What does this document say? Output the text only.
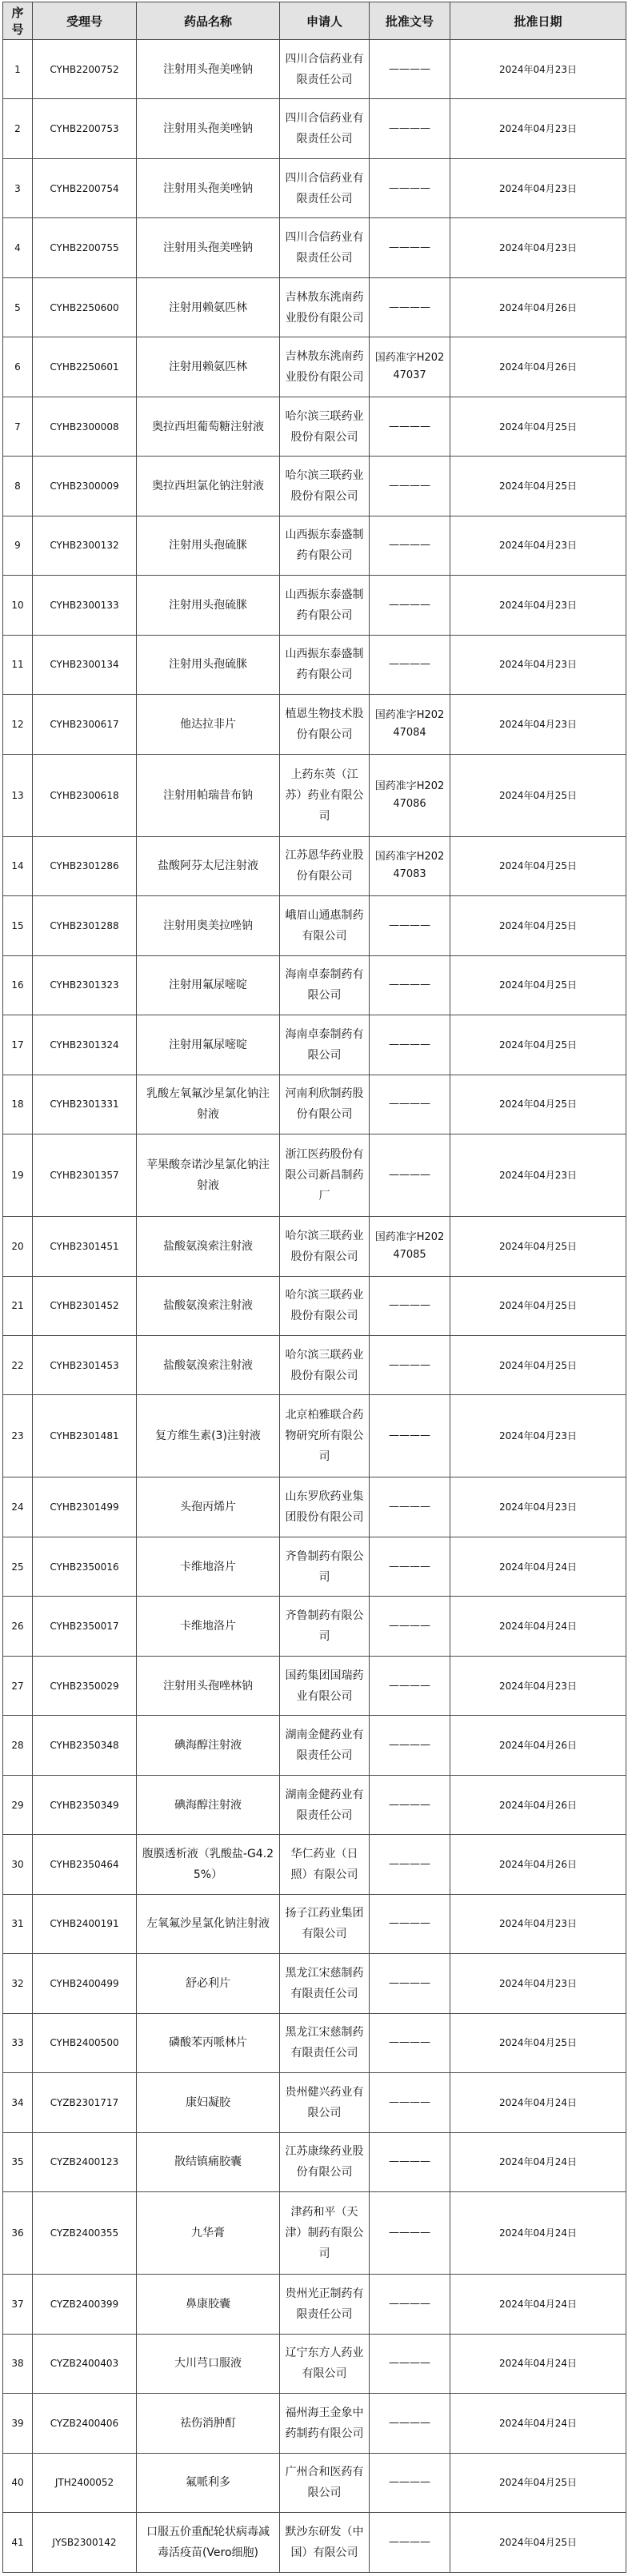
序号	受理号	药品名称	申请人	批准文号	批准日期
1	CYHB2200752	注射用头孢美唑钠	四川合信药业有限责任公司	————	2024年04月23日
2	CYHB2200753	注射用头孢美唑钠	四川合信药业有限责任公司	————	2024年04月23日
3	CYHB2200754	注射用头孢美唑钠	四川合信药业有限责任公司	————	2024年04月23日
4	CYHB2200755	注射用头孢美唑钠	四川合信药业有限责任公司	————	2024年04月23日
5	CYHB2250600	注射用赖氨匹林	吉林敖东洮南药业股份有限公司	————	2024年04月26日
6	CYHB2250601	注射用赖氨匹林	吉林敖东洮南药业股份有限公司	国药准字H20247037	2024年04月26日
7	CYHB2300008	奥拉西坦葡萄糖注射液	哈尔滨三联药业股份有限公司	————	2024年04月25日
8	CYHB2300009	奥拉西坦氯化钠注射液	哈尔滨三联药业股份有限公司	————	2024年04月25日
9	CYHB2300132	注射用头孢硫脒	山西振东泰盛制药有限公司	————	2024年04月23日
10	CYHB2300133	注射用头孢硫脒	山西振东泰盛制药有限公司	————	2024年04月23日
11	CYHB2300134	注射用头孢硫脒	山西振东泰盛制药有限公司	————	2024年04月23日
12	CYHB2300617	他达拉非片	植恩生物技术股份有限公司	国药准字H20247084	2024年04月23日
13	CYHB2300618	注射用帕瑞昔布钠	上药东英（江苏）药业有限公司	国药准字H20247086	2024年04月25日
14	CYHB2301286	盐酸阿芬太尼注射液	江苏恩华药业股份有限公司	国药准字H20247083	2024年04月25日
15	CYHB2301288	注射用奥美拉唑钠	峨眉山通惠制药有限公司	————	2024年04月25日
16	CYHB2301323	注射用氟尿嘧啶	海南卓泰制药有限公司	————	2024年04月25日
17	CYHB2301324	注射用氟尿嘧啶	海南卓泰制药有限公司	————	2024年04月25日
18	CYHB2301331	乳酸左氧氟沙星氯化钠注射液	河南利欣制药股份有限公司	————	2024年04月25日
19	CYHB2301357	苹果酸奈诺沙星氯化钠注射液	浙江医药股份有限公司新昌制药厂	————	2024年04月23日
20	CYHB2301451	盐酸氨溴索注射液	哈尔滨三联药业股份有限公司	国药准字H20247085	2024年04月25日
21	CYHB2301452	盐酸氨溴索注射液	哈尔滨三联药业股份有限公司	————	2024年04月25日
22	CYHB2301453	盐酸氨溴索注射液	哈尔滨三联药业股份有限公司	————	2024年04月25日
23	CYHB2301481	复方维生素(3)注射液	北京柏雅联合药物研究所有限公司	————	2024年04月23日
24	CYHB2301499	头孢丙烯片	山东罗欣药业集团股份有限公司	————	2024年04月23日
25	CYHB2350016	卡维地洛片	齐鲁制药有限公司	————	2024年04月24日
26	CYHB2350017	卡维地洛片	齐鲁制药有限公司	————	2024年04月24日
27	CYHB2350029	注射用头孢唑林钠	国药集团国瑞药业有限公司	————	2024年04月23日
28	CYHB2350348	碘海醇注射液	湖南金健药业有限责任公司	————	2024年04月26日
29	CYHB2350349	碘海醇注射液	湖南金健药业有限责任公司	————	2024年04月26日
30	CYHB2350464	腹膜透析液（乳酸盐-G4.25%）	华仁药业（日照）有限公司	————	2024年04月26日
31	CYHB2400191	左氧氟沙星氯化钠注射液	扬子江药业集团有限公司	————	2024年04月23日
32	CYHB2400499	舒必利片	黑龙江宋慈制药有限责任公司	————	2024年04月23日
33	CYHB2400500	磷酸苯丙哌林片	黑龙江宋慈制药有限责任公司	————	2024年04月25日
34	CYZB2301717	康妇凝胶	贵州健兴药业有限公司	————	2024年04月24日
35	CYZB2400123	散结镇痛胶囊	江苏康缘药业股份有限公司	————	2024年04月24日
36	CYZB2400355	九华膏	津药和平（天津）制药有限公司	————	2024年04月24日
37	CYZB2400399	鼻康胶囊	贵州光正制药有限责任公司	————	2024年04月24日
38	CYZB2400403	大川芎口服液	辽宁东方人药业有限公司	————	2024年04月24日
39	CYZB2400406	祛伤消肿酊	福州海王金象中药制药有限公司	————	2024年04月24日
40	JTH2400052	氟哌利多	广州合和医药有限公司	————	2024年04月25日
41	JYSB2300142	口服五价重配轮状病毒减毒活疫苗(Vero细胞)	默沙东研发（中国）有限公司	————	2024年04月25日
